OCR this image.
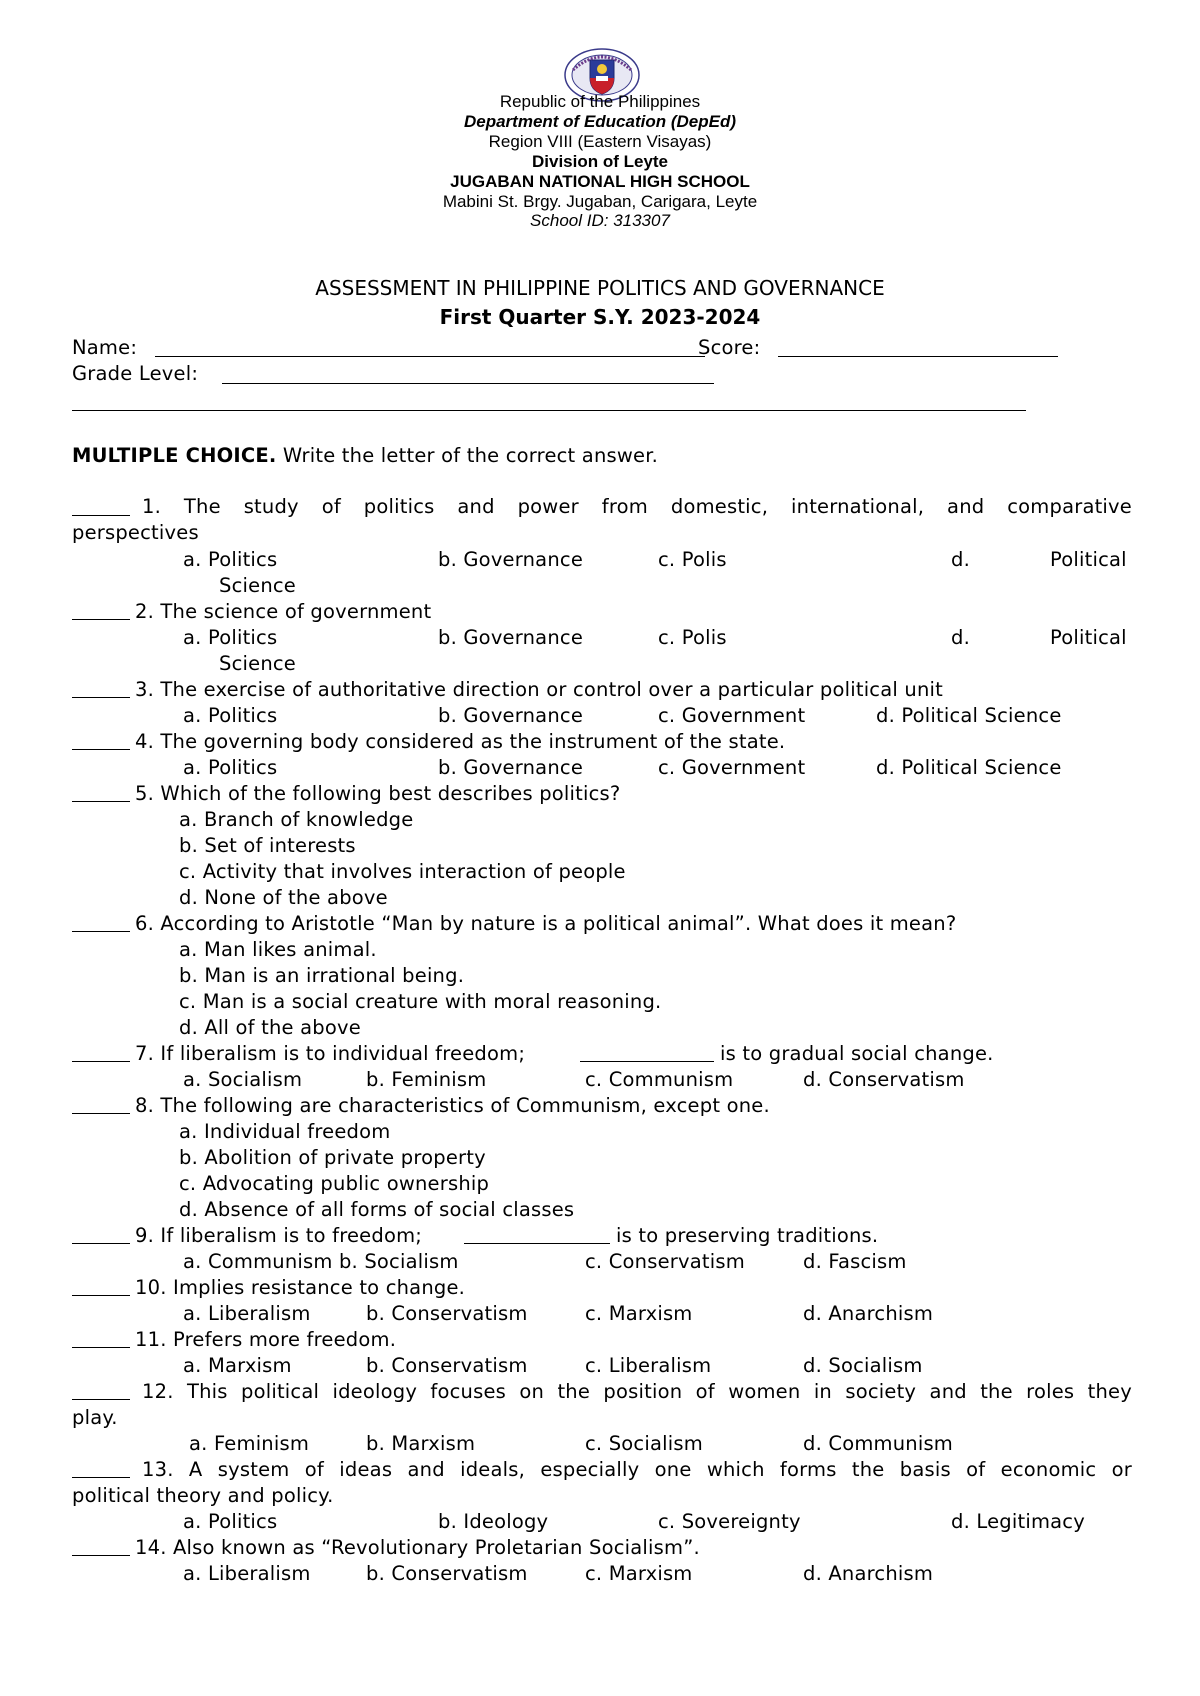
Republic of the Philippines
Department of Education (DepEd)
Region VIII (Eastern Visayas)
Division of Leyte
JUGABAN NATIONAL HIGH SCHOOL
Mabini St. Brgy. Jugaban, Carigara, Leyte
School ID: 313307
ASSESSMENT IN PHILIPPINE POLITICS AND GOVERNANCE
First Quarter S.Y. 2023-2024
Name:	Score:
Grade Level:
MULTIPLE CHOICE. Write the letter of the correct answer.
1. The study of politics and power from domestic, international, and comparative
perspectives
a. Politics	b. Governance	c. Polis	d.	Political
Science
2. The science of government
a. Politics	b. Governance	c. Polis	d.	Political
Science
3. The exercise of authoritative direction or control over a particular political unit
a. Politics	b. Governance	c. Government	d. Political Science
4. The governing body considered as the instrument of the state.
a. Politics	b. Governance	c. Government	d. Political Science
5. Which of the following best describes politics?
a. Branch of knowledge
b. Set of interests
c. Activity that involves interaction of people
d. None of the above
6. According to Aristotle “Man by nature is a political animal”. What does it mean?
a. Man likes animal.
b. Man is an irrational being.
c. Man is a social creature with moral reasoning.
d. All of the above
7. If liberalism is to individual freedom;	is to gradual social change.
a. Socialism	b. Feminism	c. Communism	d. Conservatism
8. The following are characteristics of Communism, except one.
a. Individual freedom
b. Abolition of private property
c. Advocating public ownership
d. Absence of all forms of social classes
9. If liberalism is to freedom;	is to preserving traditions.
a. Communism b. Socialism	c. Conservatism	d. Fascism
10. Implies resistance to change.
a. Liberalism	b. Conservatism	c. Marxism	d. Anarchism
11. Prefers more freedom.
a. Marxism	b. Conservatism	c. Liberalism	d. Socialism
12. This political ideology focuses on the position of women in society and the roles they
play.
a. Feminism	b. Marxism	c. Socialism	d. Communism
13. A system of ideas and ideals, especially one which forms the basis of economic or
political theory and policy.
a. Politics	b. Ideology	c. Sovereignty	d. Legitimacy
14. Also known as “Revolutionary Proletarian Socialism”.
a. Liberalism	b. Conservatism	c. Marxism	d. Anarchism
